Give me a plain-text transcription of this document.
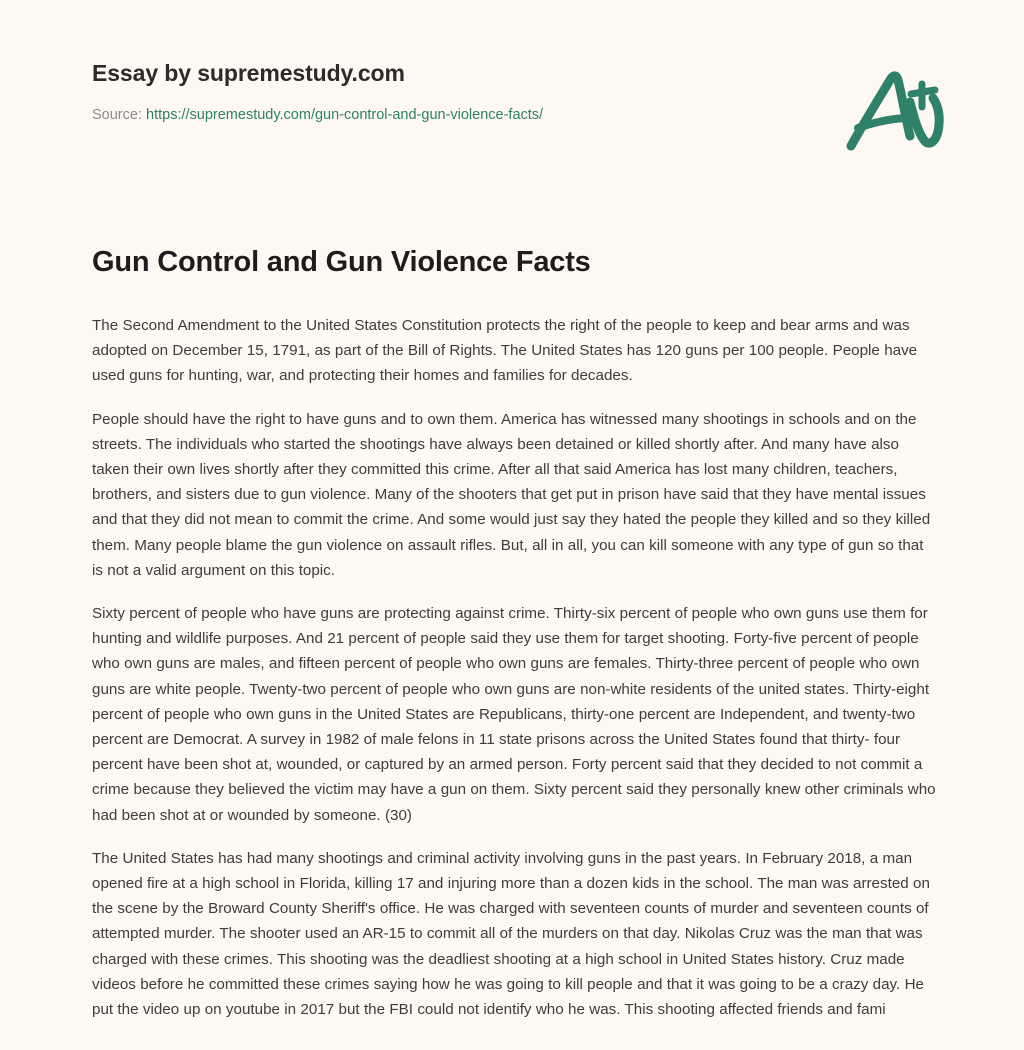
Essay by supremestudy.com

Source: https://supremestudy.com/gun-control-and-gun-violence-facts/

Gun Control and Gun Violence Facts

The Second Amendment to the United States Constitution protects the right of the people to keep and bear arms and was adopted on December 15, 1791, as part of the Bill of Rights. The United States has 120 guns per 100 people. People have used guns for hunting, war, and protecting their homes and families for decades.

People should have the right to have guns and to own them. America has witnessed many shootings in schools and on the streets. The individuals who started the shootings have always been detained or killed shortly after. And many have also taken their own lives shortly after they committed this crime. After all that said America has lost many children, teachers, brothers, and sisters due to gun violence. Many of the shooters that get put in prison have said that they have mental issues and that they did not mean to commit the crime. And some would just say they hated the people they killed and so they killed them. Many people blame the gun violence on assault rifles. But, all in all, you can kill someone with any type of gun so that is not a valid argument on this topic.

Sixty percent of people who have guns are protecting against crime. Thirty-six percent of people who own guns use them for hunting and wildlife purposes. And 21 percent of people said they use them for target shooting. Forty-five percent of people who own guns are males, and fifteen percent of people who own guns are females. Thirty-three percent of people who own guns are white people. Twenty-two percent of people who own guns are non-white residents of the united states. Thirty-eight percent of people who own guns in the United States are Republicans, thirty-one percent are Independent, and twenty-two percent are Democrat. A survey in 1982 of male felons in 11 state prisons across the United States found that thirty- four percent have been shot at, wounded, or captured by an armed person. Forty percent said that they decided to not commit a crime because they believed the victim may have a gun on them. Sixty percent said they personally knew other criminals who had been shot at or wounded by someone. (30)

The United States has had many shootings and criminal activity involving guns in the past years. In February 2018, a man opened fire at a high school in Florida, killing 17 and injuring more than a dozen kids in the school. The man was arrested on the scene by the Broward County Sheriff's office. He was charged with seventeen counts of murder and seventeen counts of attempted murder. The shooter used an AR-15 to commit all of the murders on that day. Nikolas Cruz was the man that was charged with these crimes. This shooting was the deadliest shooting at a high school in United States history. Cruz made videos before he committed these crimes saying how he was going to kill people and that it was going to be a crazy day. He put the video up on youtube in 2017 but the FBI could not identify who he was. This shooting affected friends and fami
